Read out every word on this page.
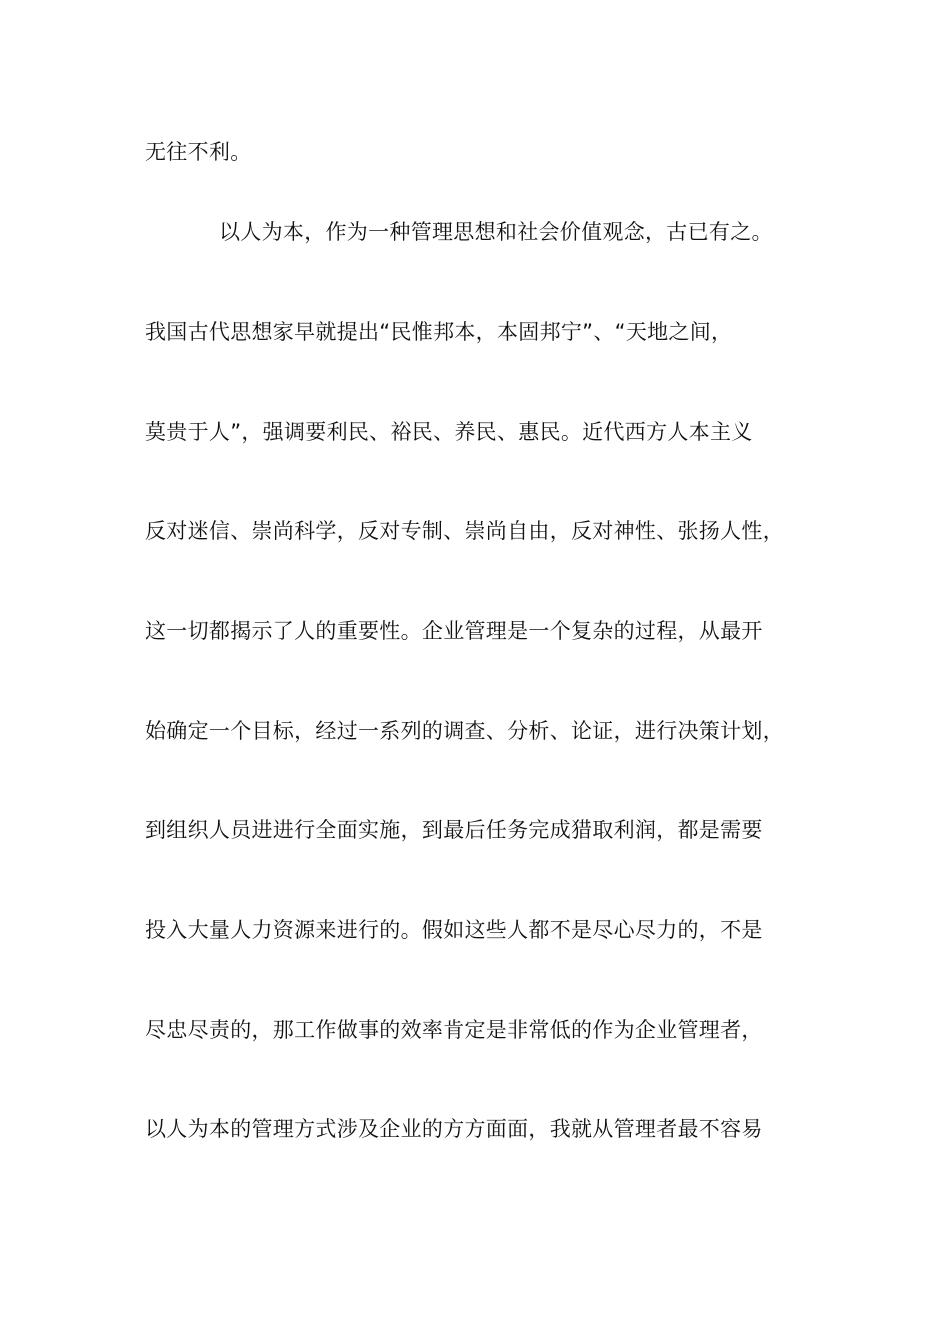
无往不利。
以人为本，作为一种管理思想和社会价值观念，古已有之。
我国古代思想家早就提出“民惟邦本，本固邦宁”、“天地之间，
莫贵于人”，强调要利民、裕民、养民、惠民。近代西方人本主义
反对迷信、崇尚科学，反对专制、崇尚自由，反对神性、张扬人性，
这一切都揭示了人的重要性。企业管理是一个复杂的过程，从最开
始确定一个目标，经过一系列的调查、分析、论证，进行决策计划，
到组织人员进进行全面实施，到最后任务完成猎取利润，都是需要
投入大量人力资源来进行的。假如这些人都不是尽心尽力的，不是
尽忠尽责的，那工作做事的效率肯定是非常低的作为企业管理者，
以人为本的管理方式涉及企业的方方面面，我就从管理者最不容易
